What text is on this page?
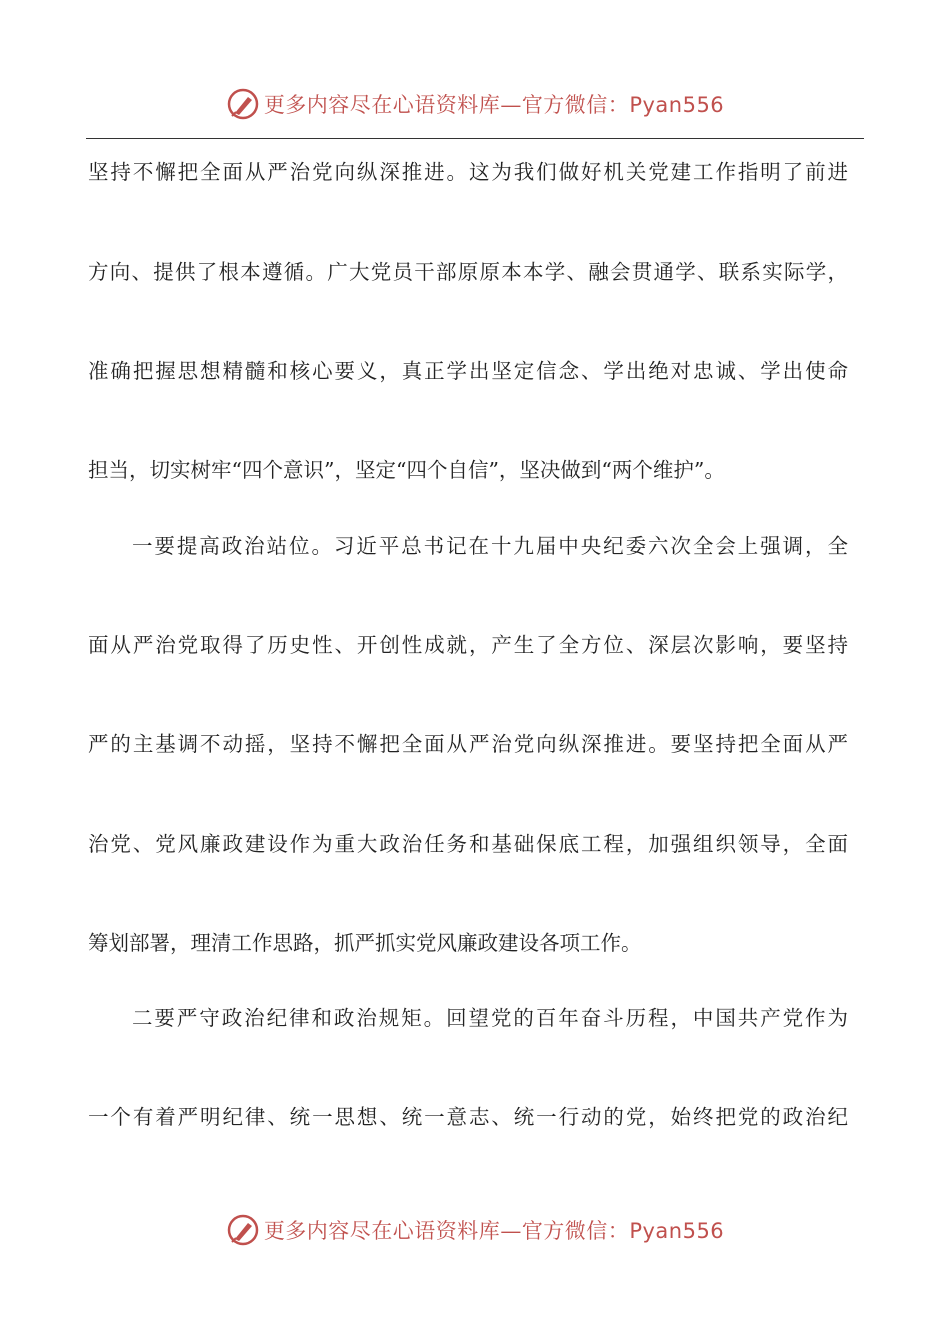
更多内容尽在心语资料库—官方微信：Pyan556
坚持不懈把全面从严治党向纵深推进。这为我们做好机关党建工作指明了前进
方向、提供了根本遵循。广大党员干部原原本本学、融会贯通学、联系实际学，
准确把握思想精髓和核心要义，真正学出坚定信念、学出绝对忠诚、学出使命
担当，切实树牢“四个意识”，坚定“四个自信”，坚决做到“两个维护”。
一要提高政治站位。习近平总书记在十九届中央纪委六次全会上强调，全
面从严治党取得了历史性、开创性成就，产生了全方位、深层次影响，要坚持
严的主基调不动摇，坚持不懈把全面从严治党向纵深推进。要坚持把全面从严
治党、党风廉政建设作为重大政治任务和基础保底工程，加强组织领导，全面
筹划部署，理清工作思路，抓严抓实党风廉政建设各项工作。
二要严守政治纪律和政治规矩。回望党的百年奋斗历程，中国共产党作为
一个有着严明纪律、统一思想、统一意志、统一行动的党，始终把党的政治纪
更多内容尽在心语资料库—官方微信：Pyan556
